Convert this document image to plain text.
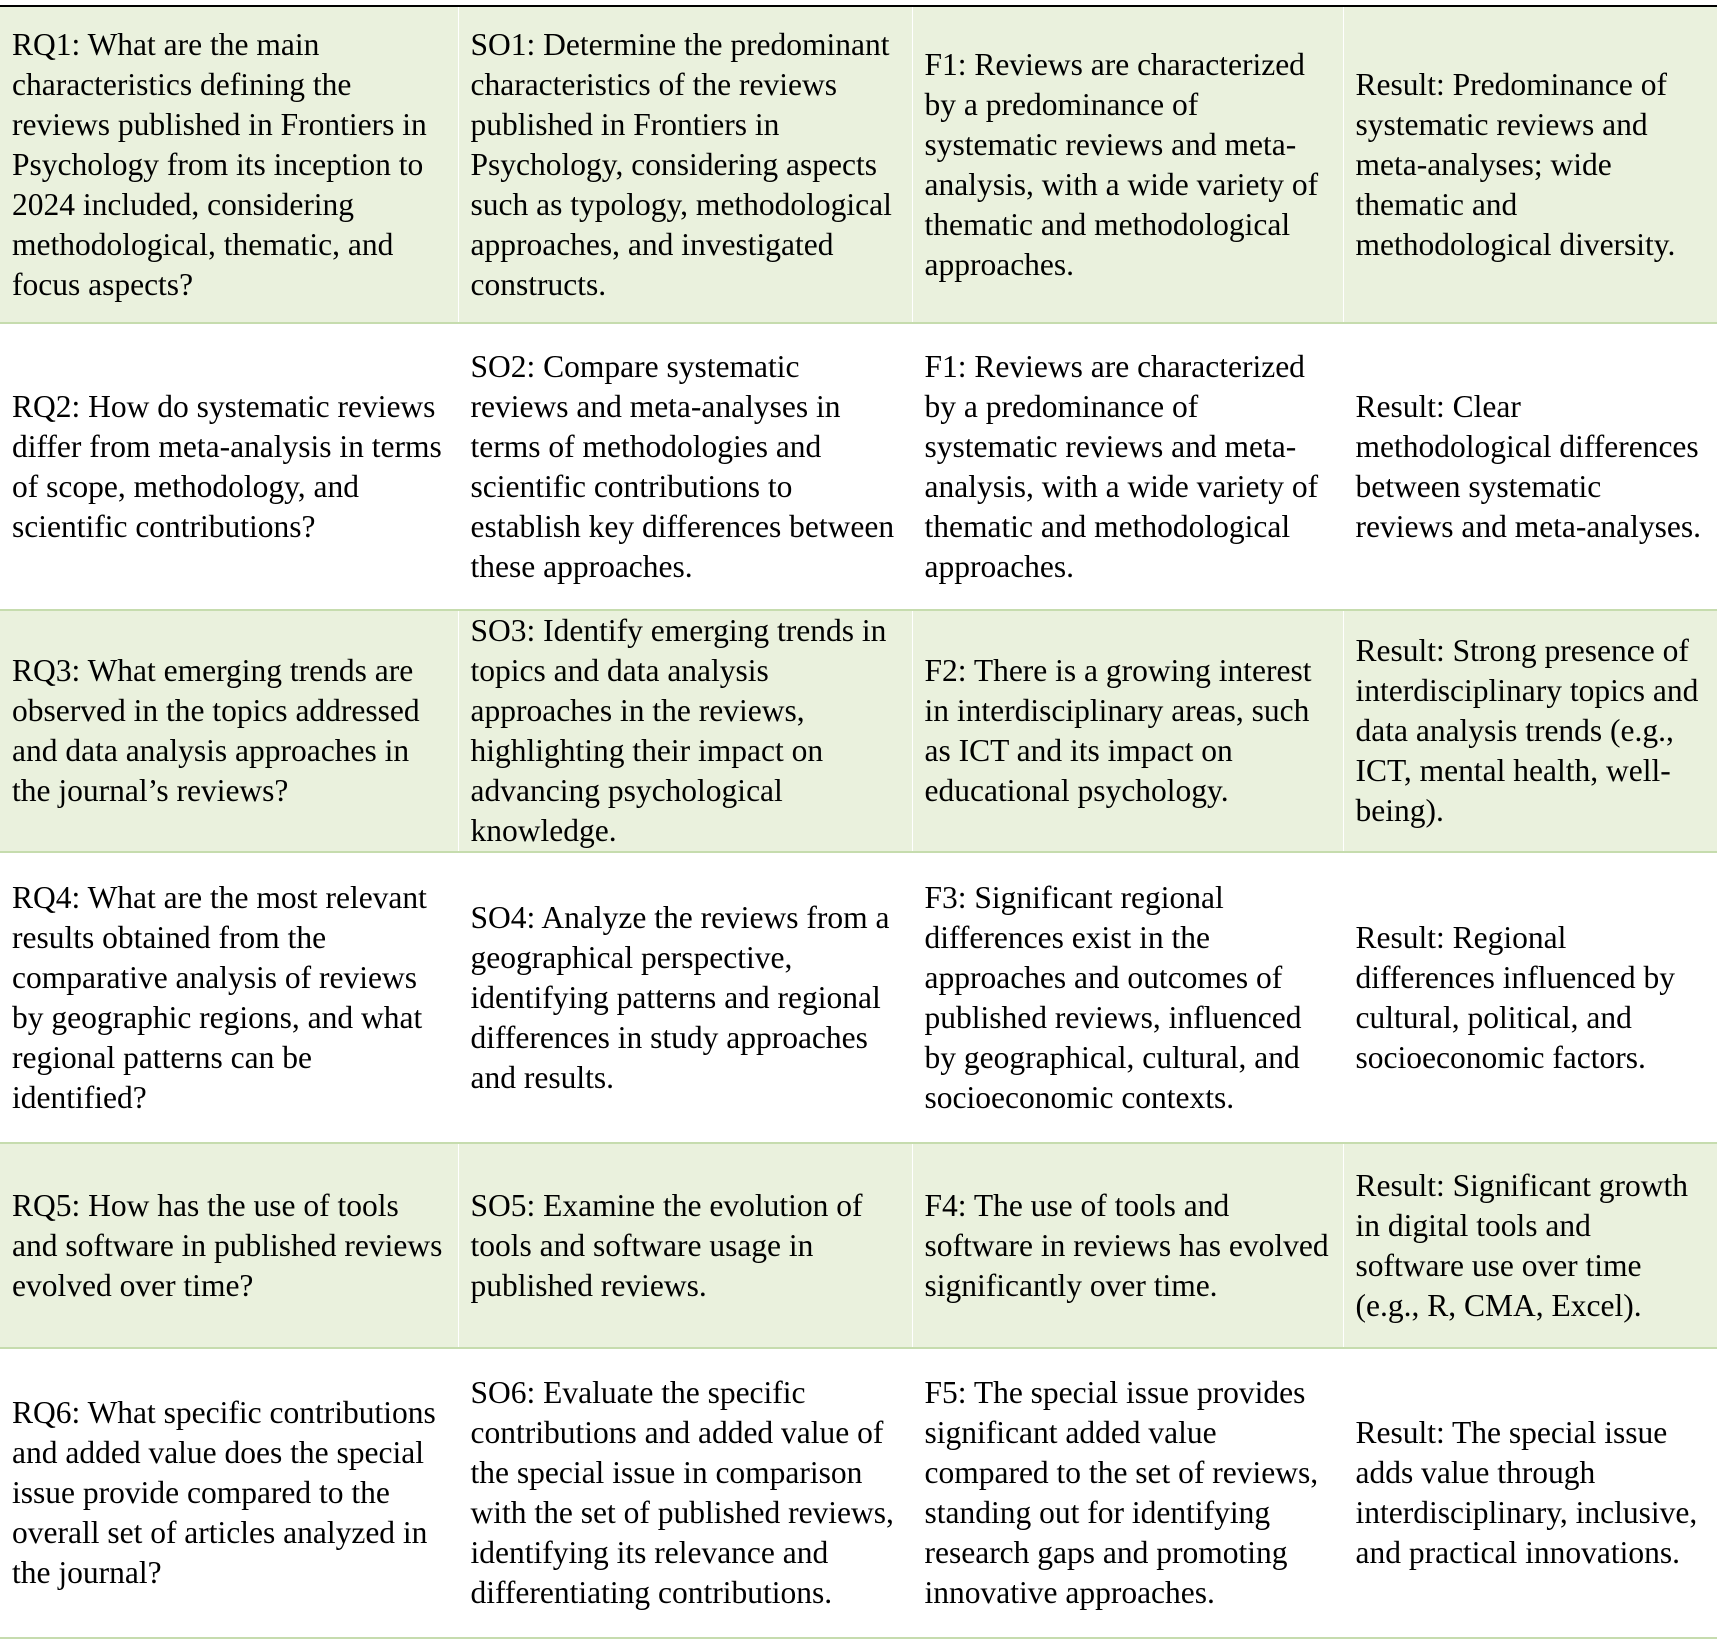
RQ1: What are the main characteristics defining the reviews published in Frontiers in Psychology from its inception to 2024 included, considering methodological, thematic, and focus aspects?	SO1: Determine the predominant characteristics of the reviews published in Frontiers in Psychology, considering aspects such as typology, methodological approaches, and investigated constructs.	F1: Reviews are characterized by a predominance of systematic reviews and meta-analysis, with a wide variety of thematic and methodological approaches.	Result: Predominance of systematic reviews and meta-analyses; wide thematic and methodological diversity.
RQ2: How do systematic reviews differ from meta-analysis in terms of scope, methodology, and scientific contributions?	SO2: Compare systematic reviews and meta-analyses in terms of methodologies and scientific contributions to establish key differences between these approaches.	F1: Reviews are characterized by a predominance of systematic reviews and meta-analysis, with a wide variety of thematic and methodological approaches.	Result: Clear methodological differences between systematic reviews and meta-analyses.
RQ3: What emerging trends are observed in the topics addressed and data analysis approaches in the journal’s reviews?	SO3: Identify emerging trends in topics and data analysis approaches in the reviews, highlighting their impact on advancing psychological knowledge.	F2: There is a growing interest in interdisciplinary areas, such as ICT and its impact on educational psychology.	Result: Strong presence of interdisciplinary topics and data analysis trends (e.g., ICT, mental health, well-being).
RQ4: What are the most relevant results obtained from the comparative analysis of reviews by geographic regions, and what regional patterns can be identified?	SO4: Analyze the reviews from a geographical perspective, identifying patterns and regional differences in study approaches and results.	F3: Significant regional differences exist in the approaches and outcomes of published reviews, influenced by geographical, cultural, and socioeconomic contexts.	Result: Regional differences influenced by cultural, political, and socioeconomic factors.
RQ5: How has the use of tools and software in published reviews evolved over time?	SO5: Examine the evolution of tools and software usage in published reviews.	F4: The use of tools and software in reviews has evolved significantly over time.	Result: Significant growth in digital tools and software use over time (e.g., R, CMA, Excel).
RQ6: What specific contributions and added value does the special issue provide compared to the overall set of articles analyzed in the journal?	SO6: Evaluate the specific contributions and added value of the special issue in comparison with the set of published reviews, identifying its relevance and differentiating contributions.	F5: The special issue provides significant added value compared to the set of reviews, standing out for identifying research gaps and promoting innovative approaches.	Result: The special issue adds value through interdisciplinary, inclusive, and practical innovations.
